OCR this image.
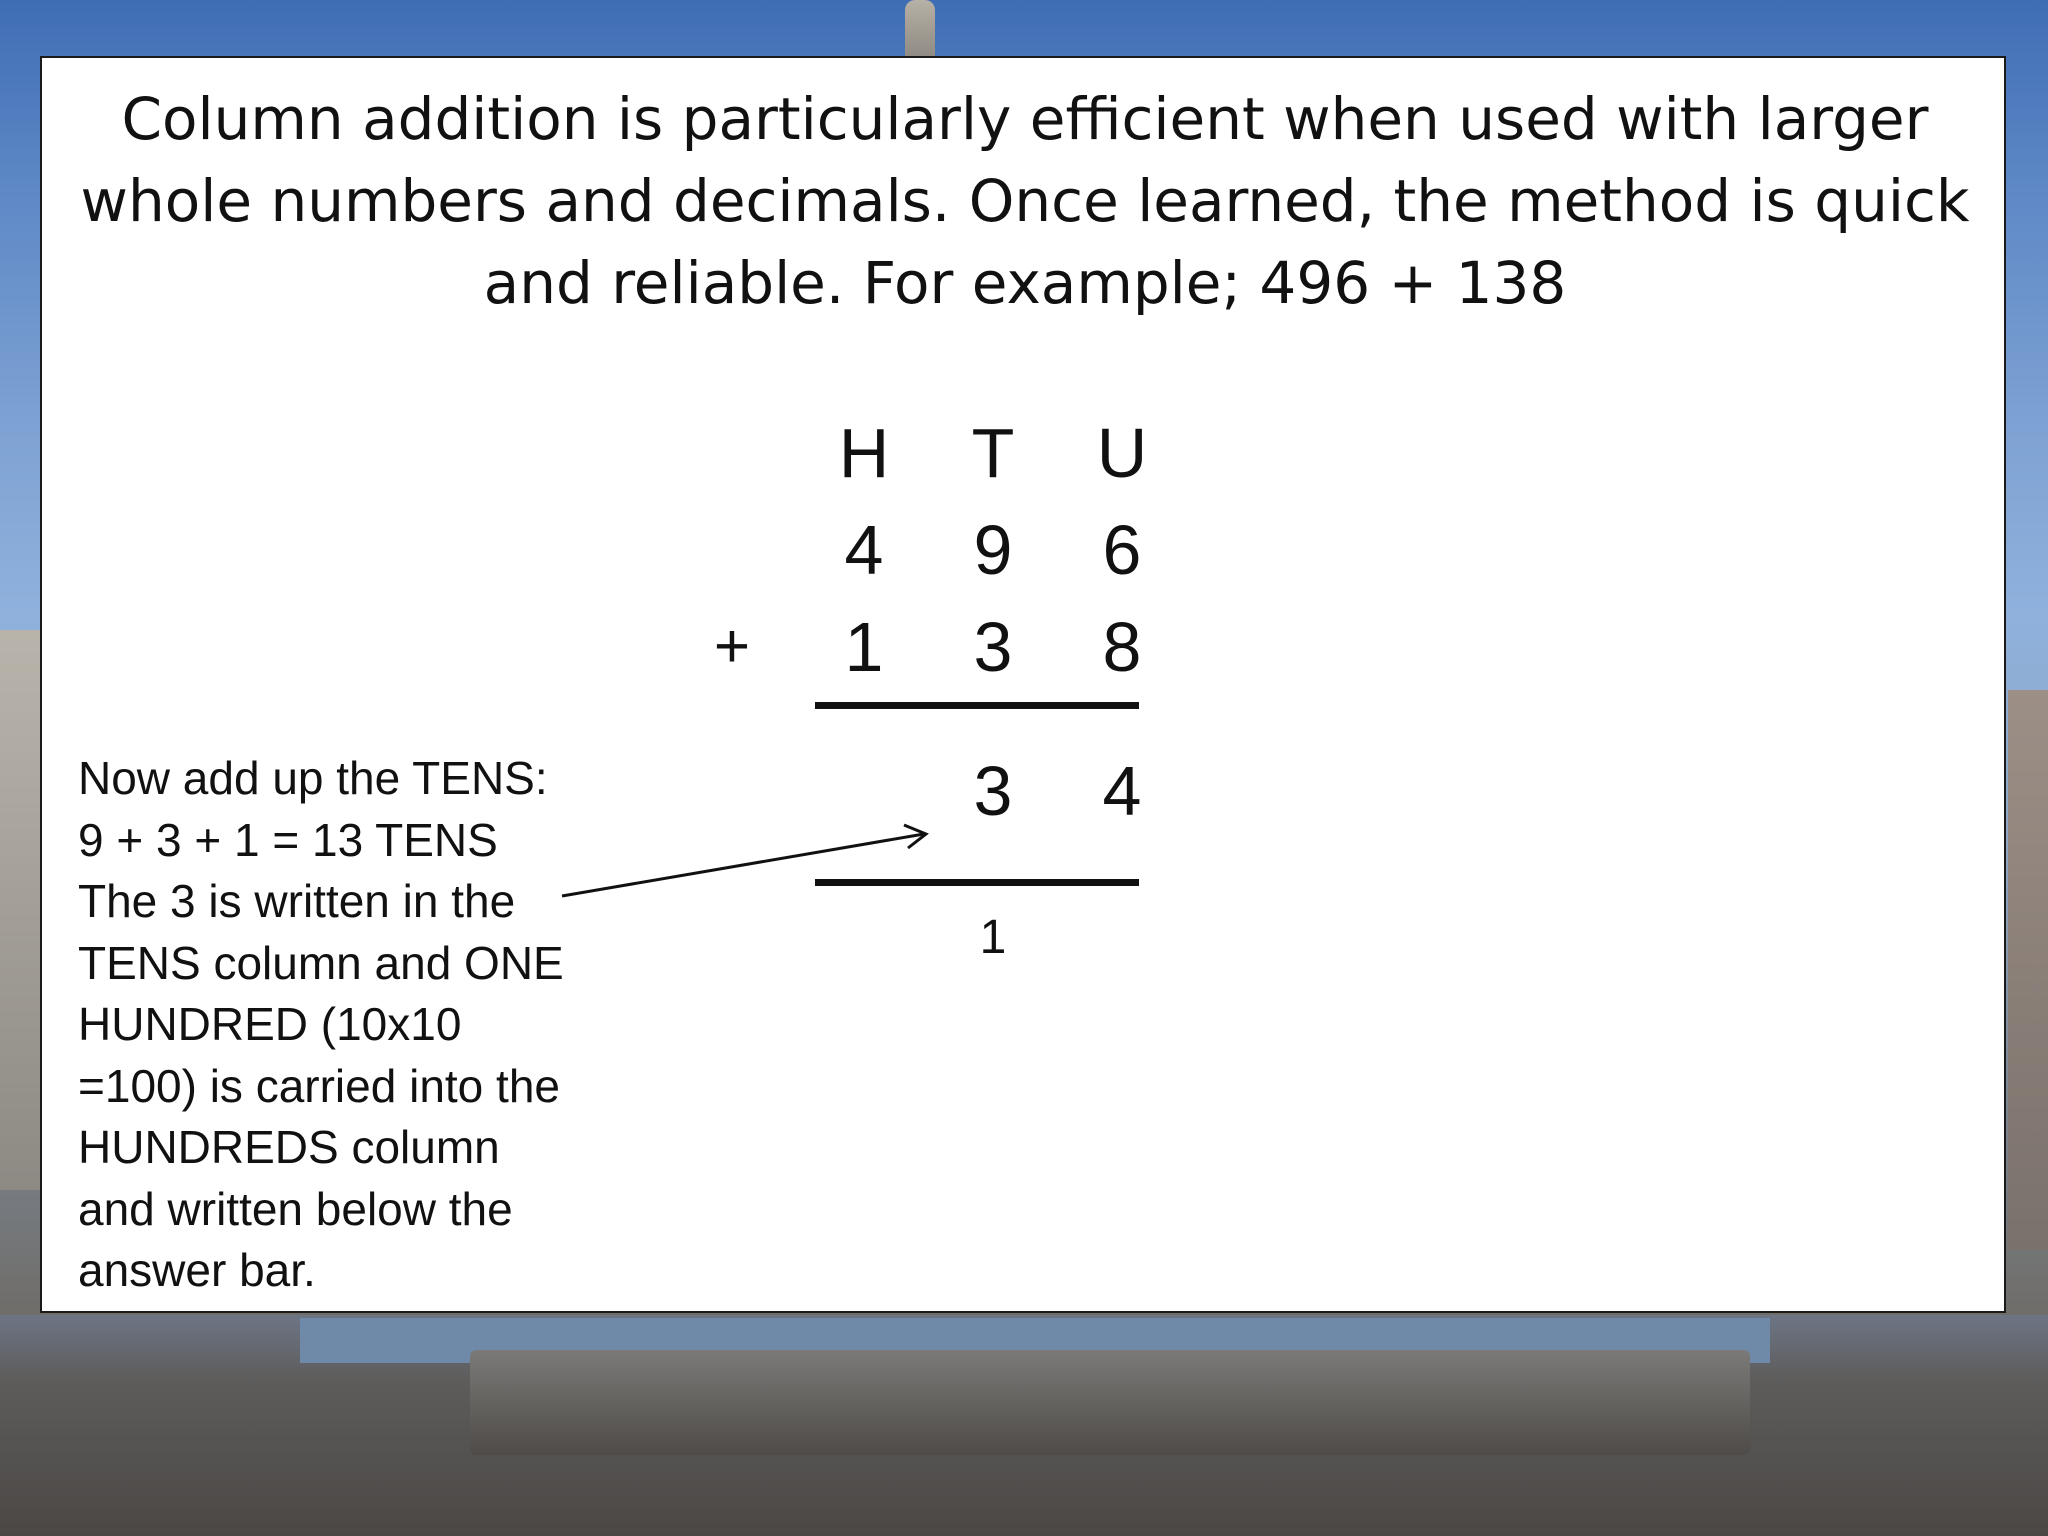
Column addition is particularly efficient when used with larger whole numbers and decimals. Once learned, the method is quick and reliable. For example; 496 + 138

H T U
4 9 6
+	1 3 8
3 4
1

Now add up the TENS:
9 + 3 + 1 = 13 TENS
The 3 is written in the
TENS column and ONE
HUNDRED (10x10
=100) is carried into the
HUNDREDS column
and written below the
answer bar.
